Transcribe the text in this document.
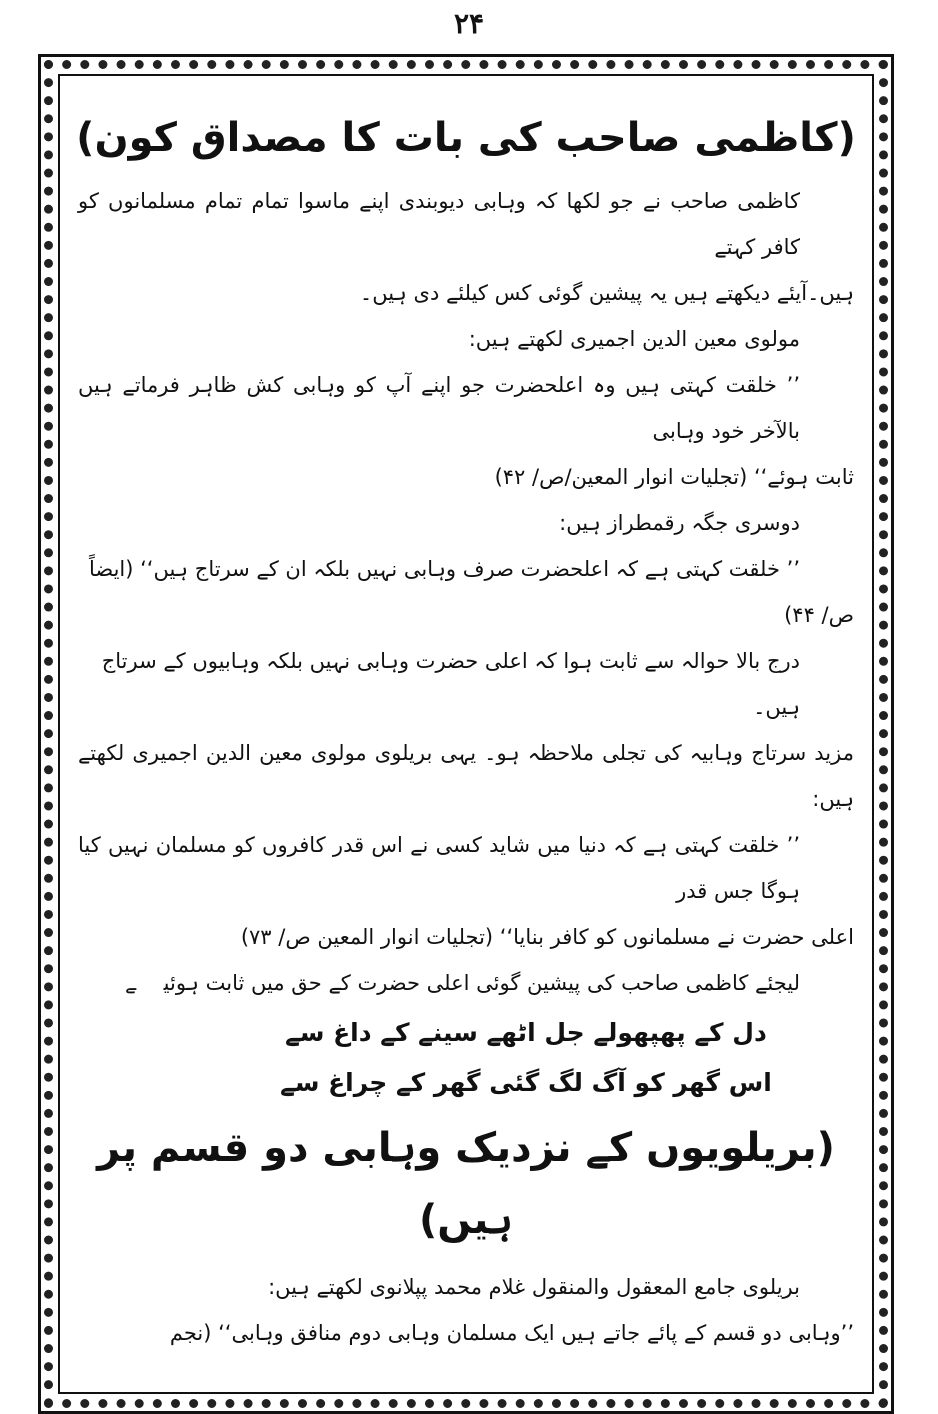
۲۴
(کاظمی صاحب کی بات کا مصداق کون)

کاظمی صاحب نے جو لکھا کہ وہابی دیوبندی اپنے ماسوا تمام تمام مسلمانوں کو کافر کہتے

ہیں۔آیئے دیکھتے ہیں یہ پیشین گوئی کس کیلئے دی ہیں۔

مولوی معین الدین اجمیری لکھتے ہیں:

’’ خلقت کہتی ہیں وہ اعلحضرت جو اپنے آپ کو وہابی کش ظاہر فرماتے ہیں بالآخر خود وہابی

ثابت ہوئے‘‘ (تجلیات انوار المعین/ص/ ۴۲)

دوسری جگہ رقمطراز ہیں:

’’ خلقت کہتی ہے کہ اعلحضرت صرف وہابی نہیں بلکہ ان کے سرتاج ہیں‘‘ (ایضاً

ص/ ۴۴)

درج بالا حوالہ سے ثابت ہوا کہ اعلی حضرت وہابی نہیں بلکہ وہابیوں کے سرتاج ہیں۔

مزید سرتاج وہابیہ کی تجلی ملاحظہ ہو۔ یہی بریلوی مولوی معین الدین اجمیری لکھتے ہیں:

’’ خلقت کہتی ہے کہ دنیا میں شاید کسی نے اس قدر کافروں کو مسلمان نہیں کیا ہوگا جس قدر

اعلی حضرت نے مسلمانوں کو کافر بنایا‘‘ (تجلیات انوار المعین ص/ ۷۳)

لیجئے کاظمی صاحب کی پیشین گوئی اعلی حضرت کے حق میں ثابت ہوئیے

دل کے پھپھولے جل اٹھے سینے کے داغ سے

اس گھر کو آگ لگ گئی گھر کے چراغ سے

(بریلویوں کے نزدیک وہابی دو قسم پر ہیں)

بریلوی جامع المعقول والمنقول غلام محمد پپلانوی لکھتے ہیں:

’’وہابی دو قسم کے پائے جاتے ہیں ایک مسلمان وہابی دوم منافق وہابی‘‘ (نجم
